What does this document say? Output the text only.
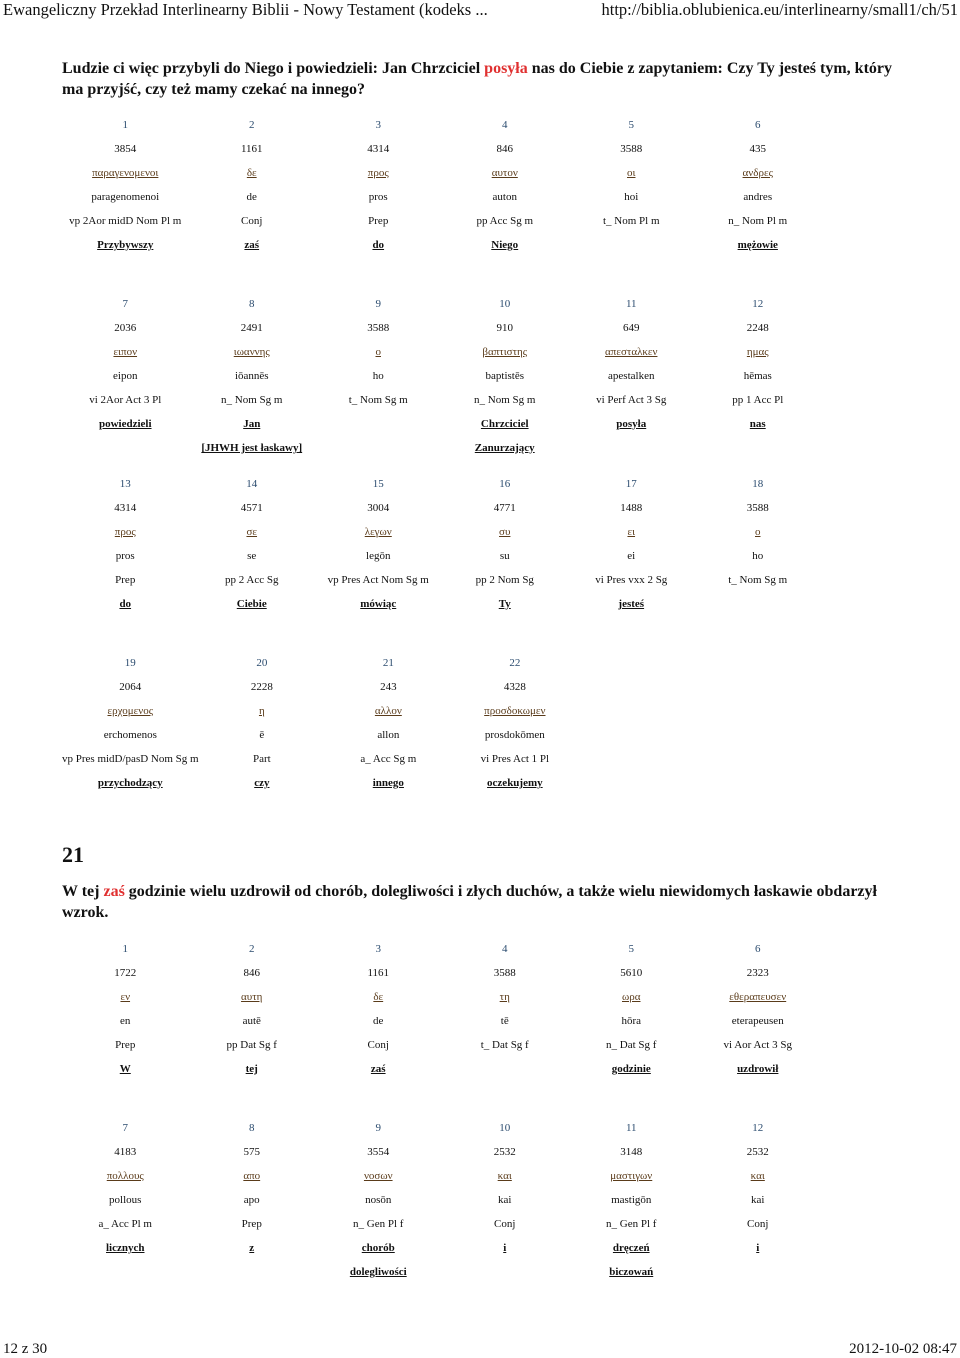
Ewangeliczny Przekład Interlinearny Biblii - Nowy Testament (kodeks ...	http://biblia.oblubienica.eu/interlinearny/small1/ch/51
Ludzie ci więc przybyli do Niego i powiedzieli: Jan Chrzciciel posyła nas do Ciebie z zapytaniem: Czy Ty jesteś tym, który ma przyjść, czy też mamy czekać na innego?
1	2	3	4	5	6
3854	1161	4314	846	3588	435
παραγενομενοι	δε	προς	αυτον	οι	ανδρες
paragenomenoi	de	pros	auton	hoi	andres
vp 2Aor midD Nom Pl m	Conj	Prep	pp Acc Sg m	t_ Nom Pl m	n_ Nom Pl m
Przybywszy	zaś	do	Niego		mężowie
7	8	9	10	11	12
2036	2491	3588	910	649	2248
ειπον	ιωαννης	ο	βαπτιστης	απεσταλκεν	ημας
eipon	iōannēs	ho	baptistēs	apestalken	hēmas
vi 2Aor Act 3 Pl	n_ Nom Sg m	t_ Nom Sg m	n_ Nom Sg m	vi Perf Act 3 Sg	pp 1 Acc Pl
powiedzieli	Jan		Chrzciciel	posyła	nas
	[JHWH jest łaskawy]		Zanurzający		
13	14	15	16	17	18
4314	4571	3004	4771	1488	3588
προς	σε	λεγων	συ	ει	ο
pros	se	legōn	su	ei	ho
Prep	pp 2 Acc Sg	vp Pres Act Nom Sg m	pp 2 Nom Sg	vi Pres vxx 2 Sg	t_ Nom Sg m
do	Ciebie	mówiąc	Ty	jesteś	
19	20	21	22		
2064	2228	243	4328		
ερχομενος	η	αλλον	προσδοκωμεν		
erchomenos	ē	allon	prosdokōmen		
vp Pres midD/pasD Nom Sg m	Part	a_ Acc Sg m	vi Pres Act 1 Pl		
przychodzący	czy	innego	oczekujemy		
21
W tej zaś godzinie wielu uzdrowił od chorób, dolegliwości i złych duchów, a także wielu niewidomych łaskawie obdarzył wzrok.
1	2	3	4	5	6
1722	846	1161	3588	5610	2323
εν	αυτη	δε	τη	ωρα	εθεραπευσεν
en	autē	de	tē	hōra	eterapeusen
Prep	pp Dat Sg f	Conj	t_ Dat Sg f	n_ Dat Sg f	vi Aor Act 3 Sg
W	tej	zaś		godzinie	uzdrowił
7	8	9	10	11	12
4183	575	3554	2532	3148	2532
πολλους	απο	νοσων	και	μαστιγων	και
pollous	apo	nosōn	kai	mastigōn	kai
a_ Acc Pl m	Prep	n_ Gen Pl f	Conj	n_ Gen Pl f	Conj
licznych	z	chorób	i	dręczeń	i
		dolegliwości		biczowań	
12 z 30	2012-10-02 08:47
